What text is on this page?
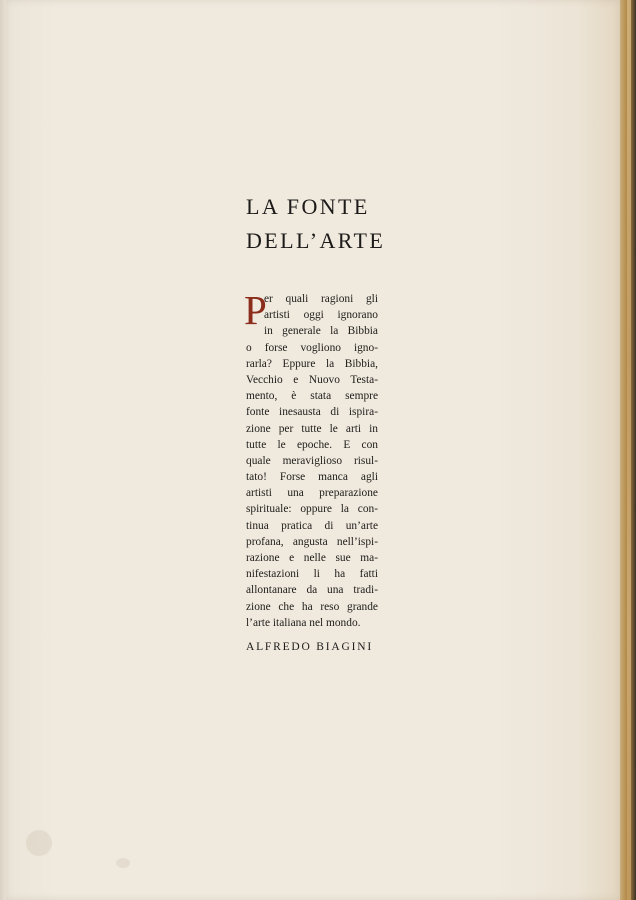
LA FONTE
DELL’ARTE
P
er quali ragioni gli
artisti oggi ignorano
in generale la Bibbia
o forse vogliono igno-
rarla? Eppure la Bibbia,
Vecchio e Nuovo Testa-
mento, è stata sempre
fonte inesausta di ispira-
zione per tutte le arti in
tutte le epoche. E con
quale meraviglioso risul-
tato! Forse manca agli
artisti una preparazione
spirituale: oppure la con-
tinua pratica di un’arte
profana, angusta nell’ispi-
razione e nelle sue ma-
nifestazioni li ha fatti
allontanare da una tradi-
zione che ha reso grande
l’arte italiana nel mondo.
ALFREDO BIAGINI
